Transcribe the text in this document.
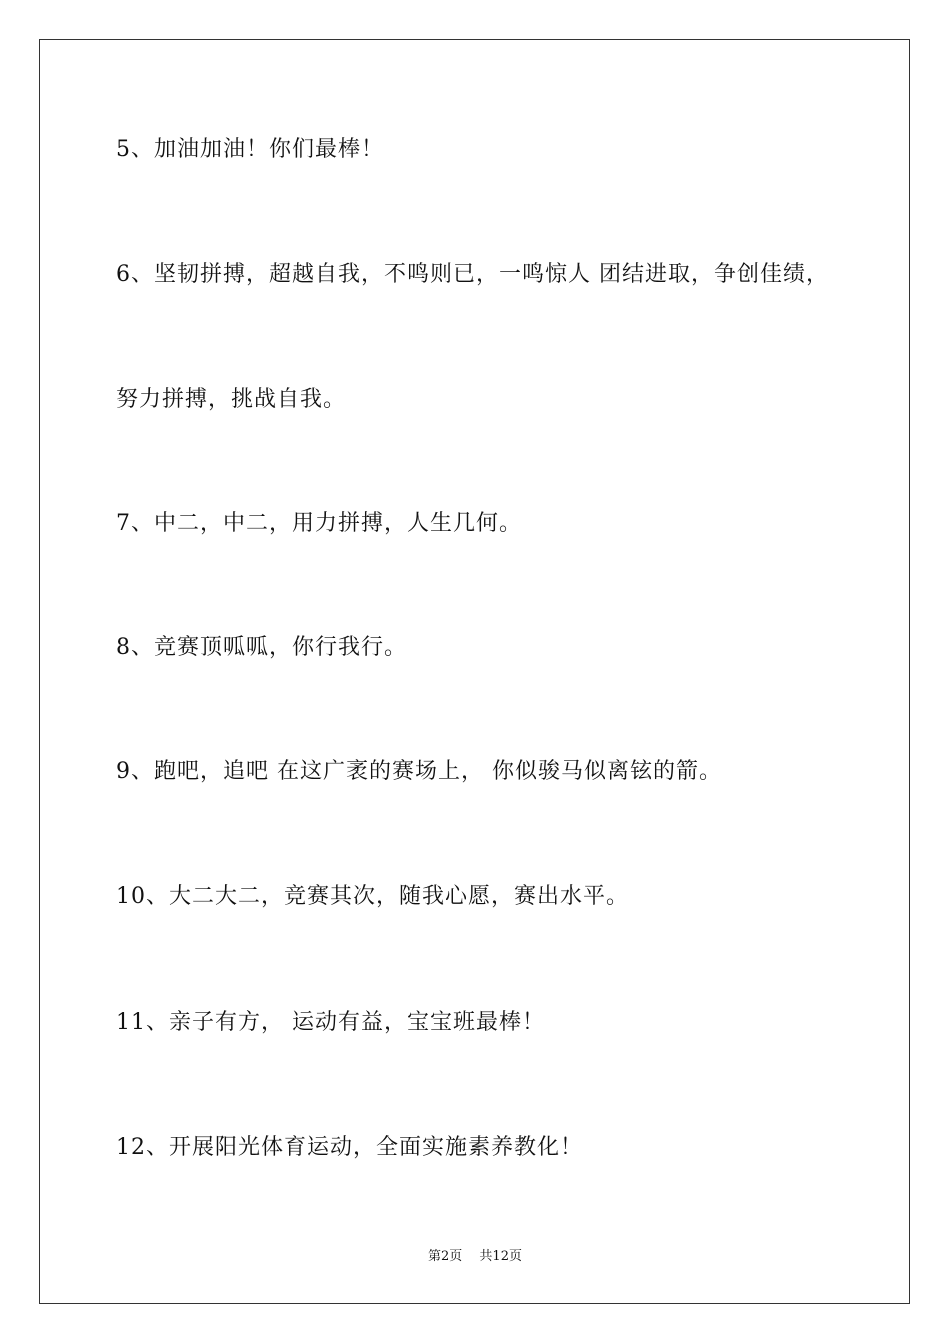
5、加油加油！你们最棒！
6、坚韧拼搏，超越自我，不鸣则已，一鸣惊人 团结进取，争创佳绩，
努力拼搏，挑战自我。
7、中二，中二，用力拼搏，人生几何。
8、竞赛顶呱呱，你行我行。
9、跑吧，追吧 在这广袤的赛场上， 你似骏马似离铉的箭。
10、大二大二，竞赛其次，随我心愿，赛出水平。
11、亲子有方， 运动有益，宝宝班最棒！
12、开展阳光体育运动，全面实施素养教化！
第2页　 共12页
